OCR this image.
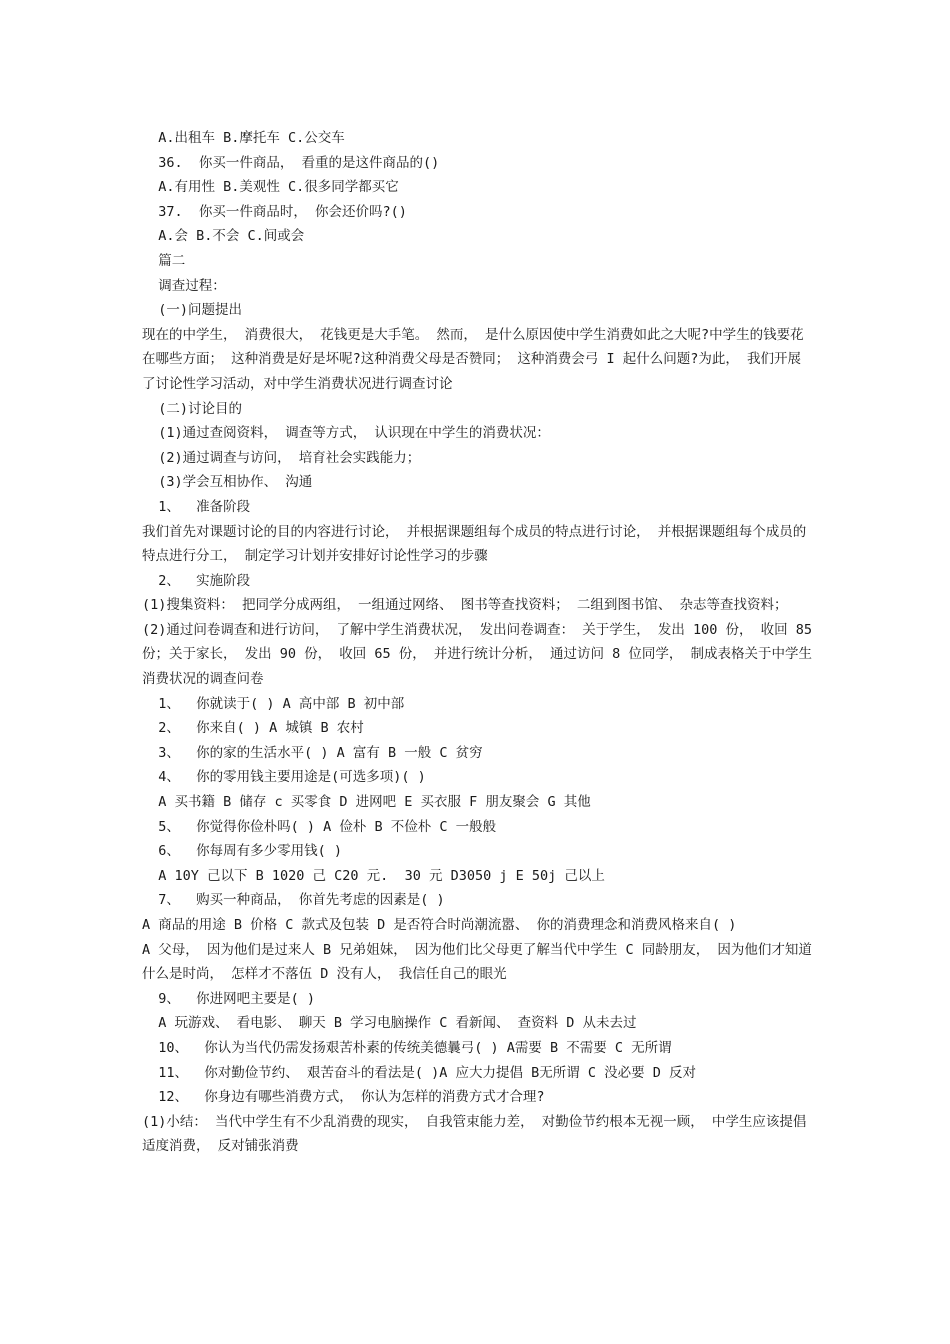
A.出租车 B.摩托车 C.公交车
36.  你买一件商品， 看重的是这件商品的()
A.有用性 B.美观性 C.很多同学都买它
37.  你买一件商品时， 你会还价吗?()
A.会 B.不会 C.间或会
篇二
调查过程：
(一)问题提出
现在的中学生， 消费很大， 花钱更是大手笔。 然而， 是什么原因使中学生消费如此之大呢?中学生的钱要花在哪些方面； 这种消费是好是坏呢?这种消费父母是否赞同； 这种消费会弓 I 起什么问题?为此， 我们开展了讨论性学习活动，对中学生消费状况进行调查讨论
(二)讨论目的
(1)通过查阅资料， 调查等方式， 认识现在中学生的消费状况：
(2)通过调查与访问， 培育社会实践能力；
(3)学会互相协作、 沟通
1、  准备阶段
我们首先对课题讨论的目的内容进行讨论， 并根据课题组每个成员的特点进行讨论， 并根据课题组每个成员的特点进行分工， 制定学习计划并安排好讨论性学习的步骤
2、  实施阶段
(1)搜集资料： 把同学分成两组， 一组通过网络、 图书等查找资料； 二组到图书馆、 杂志等查找资料；
(2)通过问卷调查和进行访问， 了解中学生消费状况， 发出问卷调查： 关于学生， 发出 100 份， 收回 85 份；关于家长， 发出 90 份， 收回 65 份， 并进行统计分析， 通过访问 8 位同学， 制成表格关于中学生消费状况的调查问卷
1、  你就读于( ) A 高中部 B 初中部
2、  你来自( ) A 城镇 B 农村
3、  你的家的生活水平( ) A 富有 B 一般 C 贫穷
4、  你的零用钱主要用途是(可选多项)( )
A 买书籍 B 储存 c 买零食 D 进网吧 E 买衣服 F 朋友聚会 G 其他
5、  你觉得你俭朴吗( ) A 俭朴 B 不俭朴 C 一般般
6、  你每周有多少零用钱( )
A 10Y 己以下 B 1020 己 C20 元.  30 元 D3050 j E 50j 己以上
7、  购买一种商品， 你首先考虑的因素是( )
A 商品的用途 B 价格 C 款式及包装 D 是否符合时尚潮流嚣、 你的消费理念和消费风格来自( )
A 父母， 因为他们是过来人 B 兄弟姐妹， 因为他们比父母更了解当代中学生 C 同龄朋友， 因为他们才知道什么是时尚， 怎样才不落伍 D 没有人， 我信任自己的眼光
9、  你进网吧主要是( )
A 玩游戏、 看电影、 聊天 B 学习电脑操作 C 看新闻、 查资料 D 从未去过
10、  你认为当代仍需发扬艰苦朴素的传统美德曩弓( ) A需要 B 不需要 C 无所谓
11、  你对勤俭节约、 艰苦奋斗的看法是( )A 应大力提倡 B无所谓 C 没必要 D 反对
12、  你身边有哪些消费方式， 你认为怎样的消费方式才合理?
(1)小结： 当代中学生有不少乱消费的现实， 自我管束能力差， 对勤俭节约根本无视一顾， 中学生应该提倡适度消费， 反对铺张消费
